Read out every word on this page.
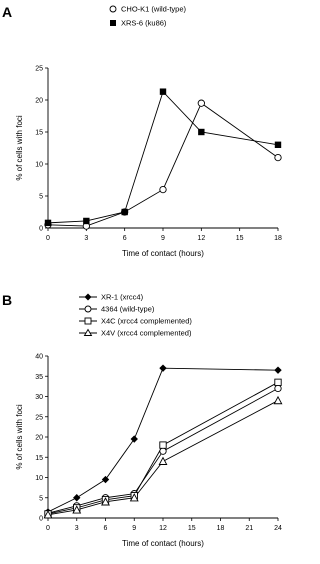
A	CHO-K1 (wild-type)
XRS-6 (ku86)
0
5
10
15
20
25
0	3	6	9	12	15	18
% of cells with foci
Time of contact (hours)
B	XR-1 (xrcc4)
4364 (wild-type)
X4C (xrcc4 complemented)
X4V (xrcc4 complemented)
0
5
10
15
20
25
30
35
40
0	3	6	9	12	15	18	21	24
% of cells with foci
Time of contact (hours)
